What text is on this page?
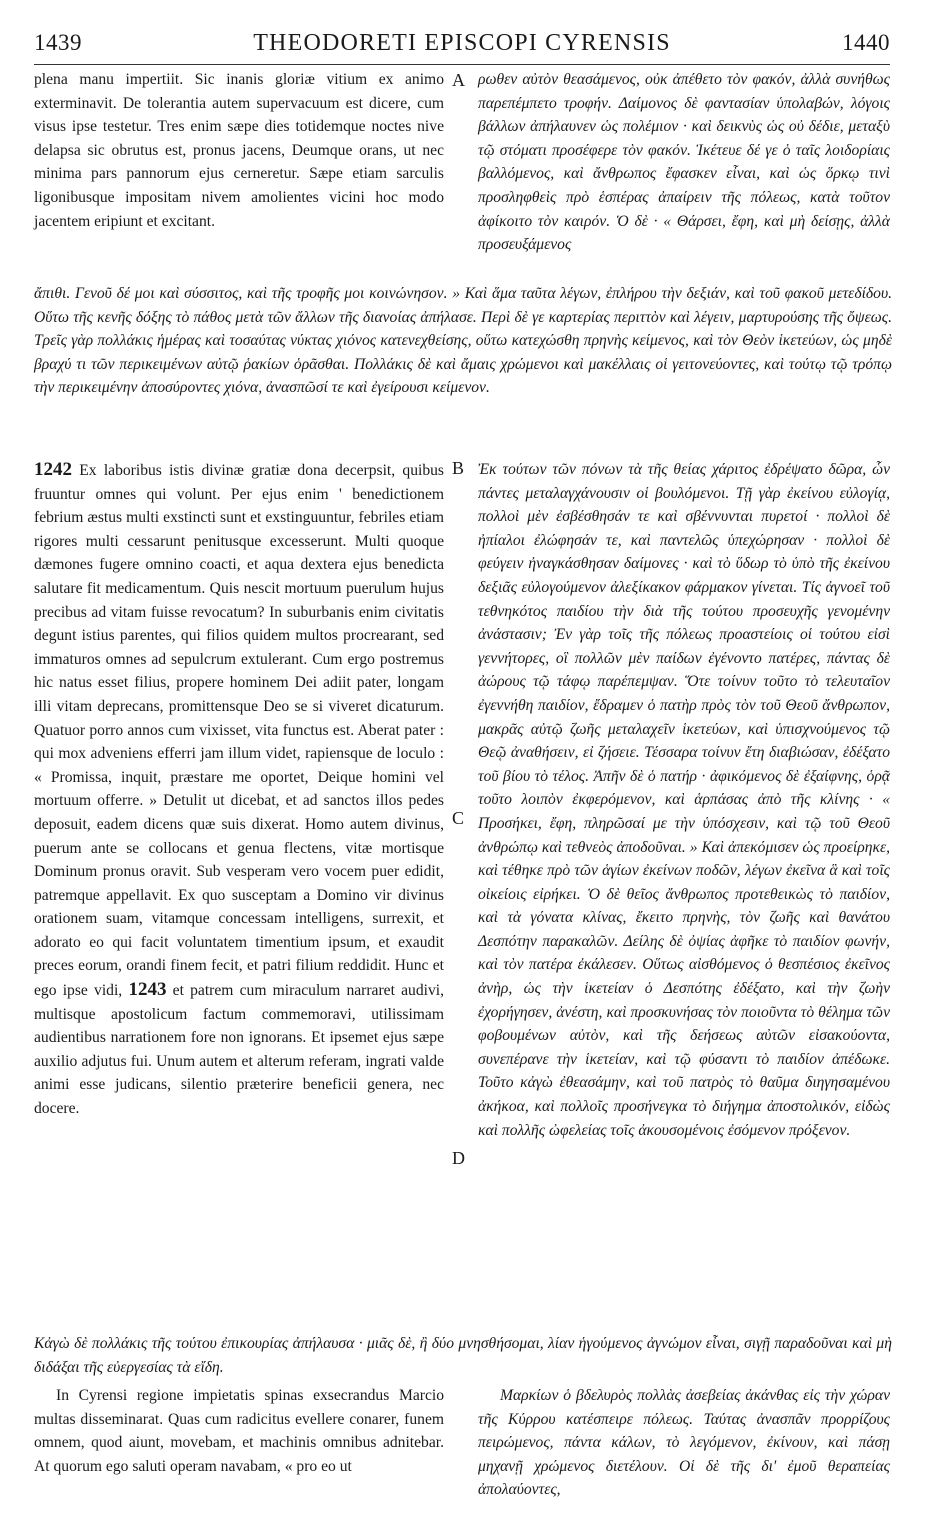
1439	THEODORETI EPISCOPI CYRENSIS	1440

plena manu impertiit. Sic inanis gloriæ vitium ex animo exterminavit. De tolerantia autem supervacuum est dicere, cum visus ipse testetur. Tres enim sæpe dies totidemque noctes nive delapsa sic obrutus est, pronus jacens, Deumque orans, ut nec minima pars pannorum ejus cerneretur. Sæpe etiam sarculis ligonibusque impositam nivem amolientes vicini hoc modo jacentem eripiunt et excitant.

A ρωθεν αὐτὸν θεασάμενος, οὐκ ἀπέθετο τὸν φακόν, ἀλλὰ συνήθως παρεπέμπετο τροφήν. Δαίμονος δὲ φαντασίαν ὑπολαβών, λόγοις βάλλων ἀπήλαυνεν ὡς πολέμιον · καὶ δεικνὺς ὡς οὐ δέδιε, μεταξὺ τῷ στόματι προσέφερε τὸν φακόν. Ἱκέτευε δέ γε ὁ ταῖς λοιδορίαις βαλλόμενος, καὶ ἄνθρωπος ἔφασκεν εἶναι, καὶ ὡς ὅρκῳ τινὶ προσληφθεὶς πρὸ ἑσπέρας ἀπαίρειν τῆς πόλεως, κατὰ τοῦτον ἀφίκοιτο τὸν καιρόν. Ὁ δὲ · « Θάρσει, ἔφη, καὶ μὴ δείσῃς, ἀλλὰ προσευξάμενος

ἄπιθι. Γενοῦ δέ μοι καὶ σύσσιτος, καὶ τῆς τροφῆς μοι κοινώνησον. » Καὶ ἅμα ταῦτα λέγων, ἐπλήρου τὴν δεξιάν, καὶ τοῦ φακοῦ μετεδίδου. Οὕτω τῆς κενῆς δόξης τὸ πάθος μετὰ τῶν ἄλλων τῆς διανοίας ἀπήλασε. Περὶ δὲ γε καρτερίας περιττὸν καὶ λέγειν, μαρτυρούσης τῆς ὄψεως. Τρεῖς γὰρ πολλάκις ἡμέρας καὶ τοσαύτας νύκτας χιόνος κατενεχθείσης, οὕτω κατεχώσθη πρηνὴς κείμενος, καὶ τὸν Θεὸν ἱκετεύων, ὡς μηδὲ βραχύ τι τῶν περικειμένων αὐτῷ ῥακίων ὁρᾶσθαι. Πολλάκις δὲ καὶ ἄμαις χρώμενοι καὶ μακέλλαις οἱ γειτονεύοντες, καὶ τούτῳ τῷ τρόπῳ τὴν περικειμένην ἀποσύροντες χιόνα, ἀνασπῶσί τε καὶ ἐγείρουσι κείμενον.

1242 Ex laboribus istis divinæ gratiæ dona decerpsit, quibus fruuntur omnes qui volunt. Per ejus enim ' benedictionem febrium æstus multi exstincti sunt et exstinguuntur, febriles etiam rigores multi cessarunt penitusque excesserunt. Multi quoque dæmones fugere omnino coacti, et aqua dextera ejus benedicta salutare fit medicamentum. Quis nescit mortuum puerulum hujus precibus ad vitam fuisse revocatum? In suburbanis enim civitatis degunt istius parentes, qui filios quidem multos procrearant, sed immaturos omnes ad sepulcrum extulerant. Cum ergo postremus hic natus esset filius, propere hominem Dei adiit pater, longam illi vitam deprecans, promittensque Deo se si viveret dicaturum. Quatuor porro annos cum vixisset, vita functus est. Aberat pater : qui mox adveniens efferri jam illum videt, rapiensque de loculo : « Promissa, inquit, præstare me oportet, Deique homini vel mortuum offerre. » Detulit ut dicebat, et ad sanctos illos pedes deposuit, eadem dicens quæ suis dixerat. Homo autem divinus, puerum ante se collocans et genua flectens, vitæ mortisque Dominum pronus oravit. Sub vesperam vero vocem puer edidit, patremque appellavit. Ex quo susceptam a Domino vir divinus orationem suam, vitamque concessam intelligens, surrexit, et adorato eo qui facit voluntatem timentium ipsum, et exaudit preces eorum, orandi finem fecit, et patri filium reddidit. Hunc et ego ipse vidi, 1243 et patrem cum miraculum narraret audivi, multisque apostolicum factum commemoravi, utilissimam audientibus narrationem fore non ignorans. Et ipsemet ejus sæpe auxilio adjutus fui. Unum autem et alterum referam, ingrati valde animi esse judicans, silentio præterire beneficii genera, nec docere.

B
C
D

Ἐκ τούτων τῶν πόνων τὰ τῆς θείας χάριτος ἐδρέψατο δῶρα, ὧν πάντες μεταλαγχάνουσιν οἱ βουλόμενοι. Τῇ γὰρ ἐκείνου εὐλογίᾳ, πολλοὶ μὲν ἐσβέσθησάν τε καὶ σβέννυνται πυρετοί · πολλοὶ δὲ ἠπίαλοι ἐλώφησάν τε, καὶ παντελῶς ὑπεχώρησαν · πολλοὶ δὲ φεύγειν ἠναγκάσθησαν δαίμονες · καὶ τὸ ὕδωρ τὸ ὑπὸ τῆς ἐκείνου δεξιᾶς εὐλογούμενον ἀλεξίκακον φάρμακον γίνεται. Τίς ἀγνοεῖ τοῦ τεθνηκότος παιδίου τὴν διὰ τῆς τούτου προσευχῆς γενομένην ἀνάστασιν; Ἐν γὰρ τοῖς τῆς πόλεως προαστείοις οἱ τούτου εἰσὶ γεννήτορες, οἳ πολλῶν μὲν παίδων ἐγένοντο πατέρες, πάντας δὲ ἀώρους τῷ τάφῳ παρέπεμψαν. Ὅτε τοίνυν τοῦτο τὸ τελευταῖον ἐγεννήθη παιδίον, ἔδραμεν ὁ πατὴρ πρὸς τὸν τοῦ Θεοῦ ἄνθρωπον, μακρᾶς αὐτῷ ζωῆς μεταλαχεῖν ἱκετεύων, καὶ ὑπισχνούμενος τῷ Θεῷ ἀναθήσειν, εἰ ζήσειε. Τέσσαρα τοίνυν ἔτη διαβιώσαν, ἐδέξατο τοῦ βίου τὸ τέλος. Ἀπῆν δὲ ὁ πατήρ · ἀφικόμενος δὲ ἐξαίφνης, ὁρᾷ τοῦτο λοιπὸν ἐκφερόμενον, καὶ ἁρπάσας ἀπὸ τῆς κλίνης · « Προσήκει, ἔφη, πληρῶσαί με τὴν ὑπόσχεσιν, καὶ τῷ τοῦ Θεοῦ ἀνθρώπῳ καὶ τεθνεὸς ἀποδοῦναι. » Καὶ ἀπεκόμισεν ὡς προείρηκε, καὶ τέθηκε πρὸ τῶν ἁγίων ἐκείνων ποδῶν, λέγων ἐκεῖνα ἃ καὶ τοῖς οἰκείοις εἰρήκει. Ὁ δὲ θεῖος ἄνθρωπος προτεθεικὼς τὸ παιδίον, καὶ τὰ γόνατα κλίνας, ἔκειτο πρηνὴς, τὸν ζωῆς καὶ θανάτου Δεσπότην παρακαλῶν. Δείλης δὲ ὀψίας ἀφῆκε τὸ παιδίον φωνήν, καὶ τὸν πατέρα ἐκάλεσεν. Οὕτως αἰσθόμενος ὁ θεσπέσιος ἐκεῖνος ἀνὴρ, ὡς τὴν ἱκετείαν ὁ Δεσπότης ἐδέξατο, καὶ τὴν ζωὴν ἐχορήγησεν, ἀνέστη, καὶ προσκυνήσας τὸν ποιοῦντα τὸ θέλημα τῶν φοβουμένων αὐτὸν, καὶ τῆς δεήσεως αὐτῶν εἰσακούοντα, συνεπέρανε τὴν ἱκετείαν, καὶ τῷ φύσαντι τὸ παιδίον ἀπέδωκε. Τοῦτο κἀγὼ ἐθεασάμην, καὶ τοῦ πατρὸς τὸ θαῦμα διηγησαμένου ἀκήκοα, καὶ πολλοῖς προσήνεγκα τὸ διήγημα ἀποστολικόν, εἰδὼς καὶ πολλῆς ὠφελείας τοῖς ἀκουσομένοις ἐσόμενον πρόξενον.

Κἀγὼ δὲ πολλάκις τῆς τούτου ἐπικουρίας ἀπήλαυσα · μιᾶς δὲ, ἢ δύο μνησθήσομαι, λίαν ἡγούμενος ἀγνώμον εἶναι, σιγῇ παραδοῦναι καὶ μὴ διδάξαι τῆς εὐεργεσίας τὰ εἴδη.

In Cyrensi regione impietatis spinas exsecrandus Marcio multas disseminarat. Quas cum radicitus evellere conarer, funem omnem, quod aiunt, movebam, et machinis omnibus adnitebar. At quorum ego saluti operam navabam, « pro eo ut

Μαρκίων ὁ βδελυρὸς πολλὰς ἀσεβείας ἀκάνθας εἰς τὴν χώραν τῆς Κύρρου κατέσπειρε πόλεως. Ταύτας ἀνασπᾶν προρρίζους πειρώμενος, πάντα κάλων, τὸ λεγόμενον, ἐκίνουν, καὶ πάσῃ μηχανῇ χρώμενος διετέλουν. Οἱ δὲ τῆς δι' ἐμοῦ θεραπείας ἀπολαύοντες,
